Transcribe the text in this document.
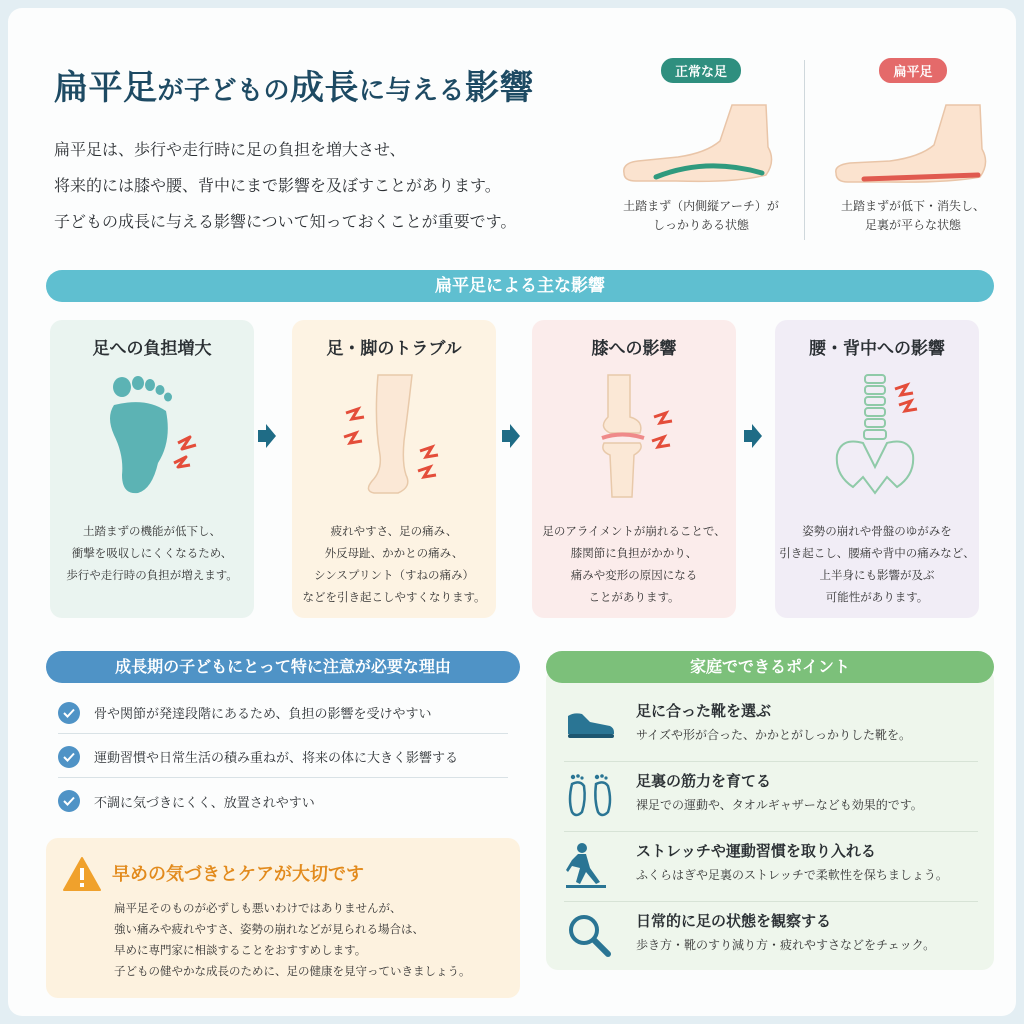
扁平足が子どもの成長に与える影響

扁平足は、歩行や走行時に足の負担を増大させ、

将来的には膝や腰、背中にまで影響を及ぼすことがあります。

子どもの成長に与える影響について知っておくことが重要です。

正常な足
土踏まず（内側縦アーチ）が
しっかりある状態
扁平足
土踏まずが低下・消失し、
足裏が平らな状態
扁平足による主な影響
足への負担増大

土踏まずの機能が低下し、

衝撃を吸収しにくくなるため、

歩行や走行時の負担が増えます。

足・脚のトラブル

疲れやすさ、足の痛み、

外反母趾、かかとの痛み、

シンスプリント（すねの痛み）

などを引き起こしやすくなります。

膝への影響

足のアライメントが崩れることで、

膝関節に負担がかかり、

痛みや変形の原因になる

ことがあります。

腰・背中への影響

姿勢の崩れや骨盤のゆがみを

引き起こし、腰痛や背中の痛みなど、

上半身にも影響が及ぶ

可能性があります。

成長期の子どもにとって特に注意が必要な理由
骨や関節が発達段階にあるため、負担の影響を受けやすい
運動習慣や日常生活の積み重ねが、将来の体に大きく影響する
不調に気づきにくく、放置されやすい
早めの気づきとケアが大切です

扁平足そのものが必ずしも悪いわけではありませんが、

強い痛みや疲れやすさ、姿勢の崩れなどが見られる場合は、

早めに専門家に相談することをおすすめします。

子どもの健やかな成長のために、足の健康を見守っていきましょう。

家庭でできるポイント
足に合った靴を選ぶ
サイズや形が合った、かかとがしっかりした靴を。
足裏の筋力を育てる
裸足での運動や、タオルギャザーなども効果的です。
ストレッチや運動習慣を取り入れる
ふくらはぎや足裏のストレッチで柔軟性を保ちましょう。
日常的に足の状態を観察する
歩き方・靴のすり減り方・疲れやすさなどをチェック。
